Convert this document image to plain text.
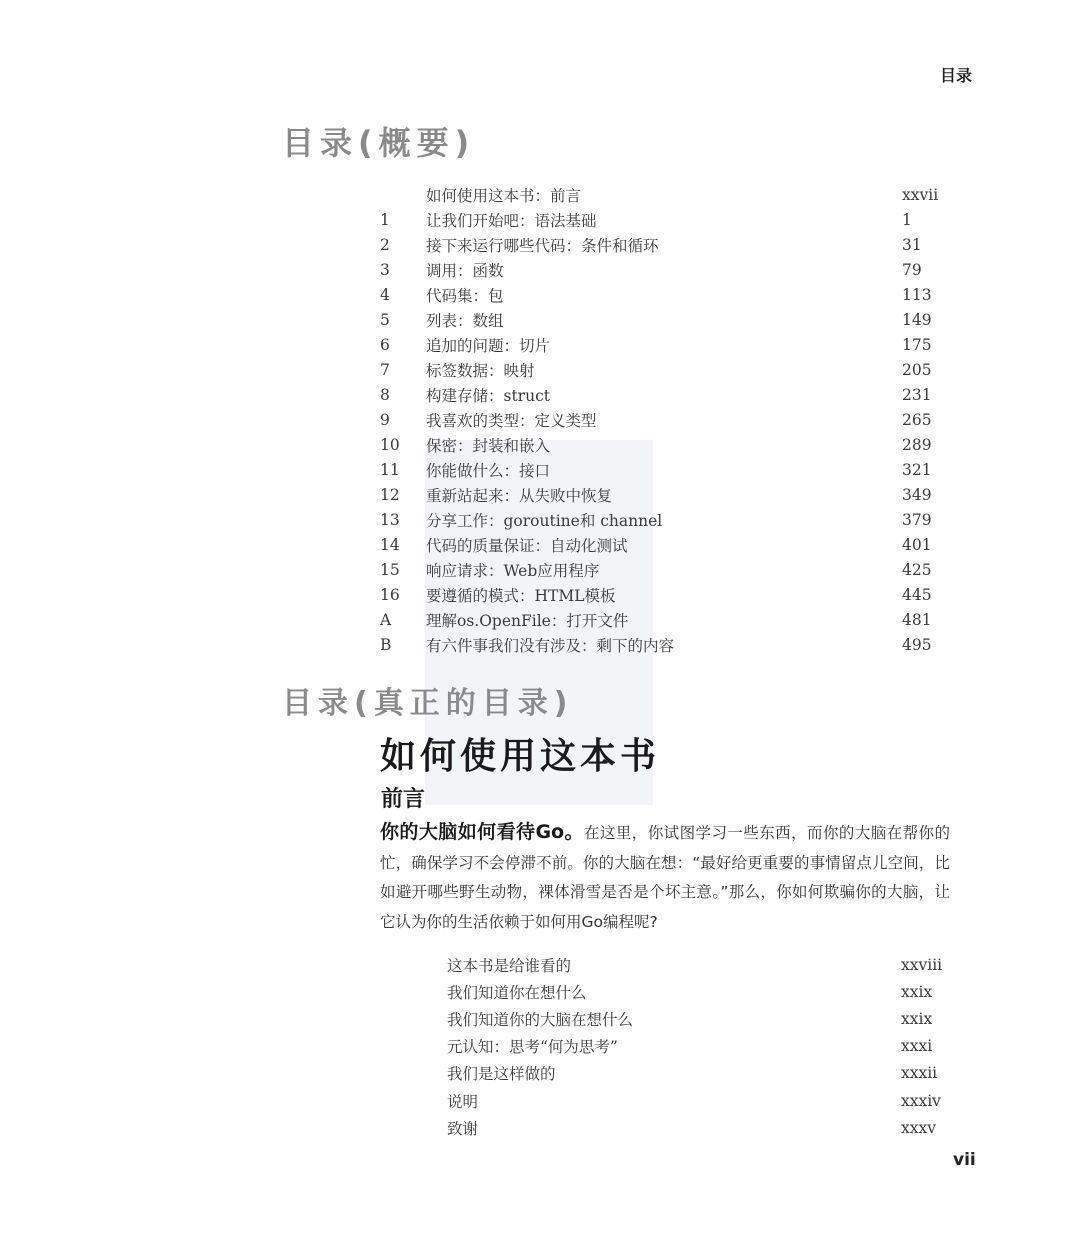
目录
目录(概要)
如何使用这本书：前言	xxvii
1	让我们开始吧：语法基础	1
2	接下来运行哪些代码：条件和循环	31
3	调用：函数	79
4	代码集：包	113
5	列表：数组	149
6	追加的问题：切片	175
7	标签数据：映射	205
8	构建存储：struct	231
9	我喜欢的类型：定义类型	265
10	保密：封装和嵌入	289
11	你能做什么：接口	321
12	重新站起来：从失败中恢复	349
13	分享工作：goroutine和 channel	379
14	代码的质量保证：自动化测试	401
15	响应请求：Web应用程序	425
16	要遵循的模式：HTML模板	445
A	理解os.OpenFile：打开文件	481
B	有六件事我们没有涉及：剩下的内容	495
目录(真正的目录)
如何使用这本书
前言
你的大脑如何看待Go。在这里，你试图学习一些东西，而你的大脑在帮你的忙，确保学习不会停滞不前。你的大脑在想：“最好给更重要的事情留点儿空间，比如避开哪些野生动物，裸体滑雪是否是个坏主意。”那么，你如何欺骗你的大脑，让它认为你的生活依赖于如何用Go编程呢?
这本书是给谁看的	xxviii
我们知道你在想什么	xxix
我们知道你的大脑在想什么	xxix
元认知：思考“何为思考”	xxxi
我们是这样做的	xxxii
说明	xxxiv
致谢	xxxv
vii
